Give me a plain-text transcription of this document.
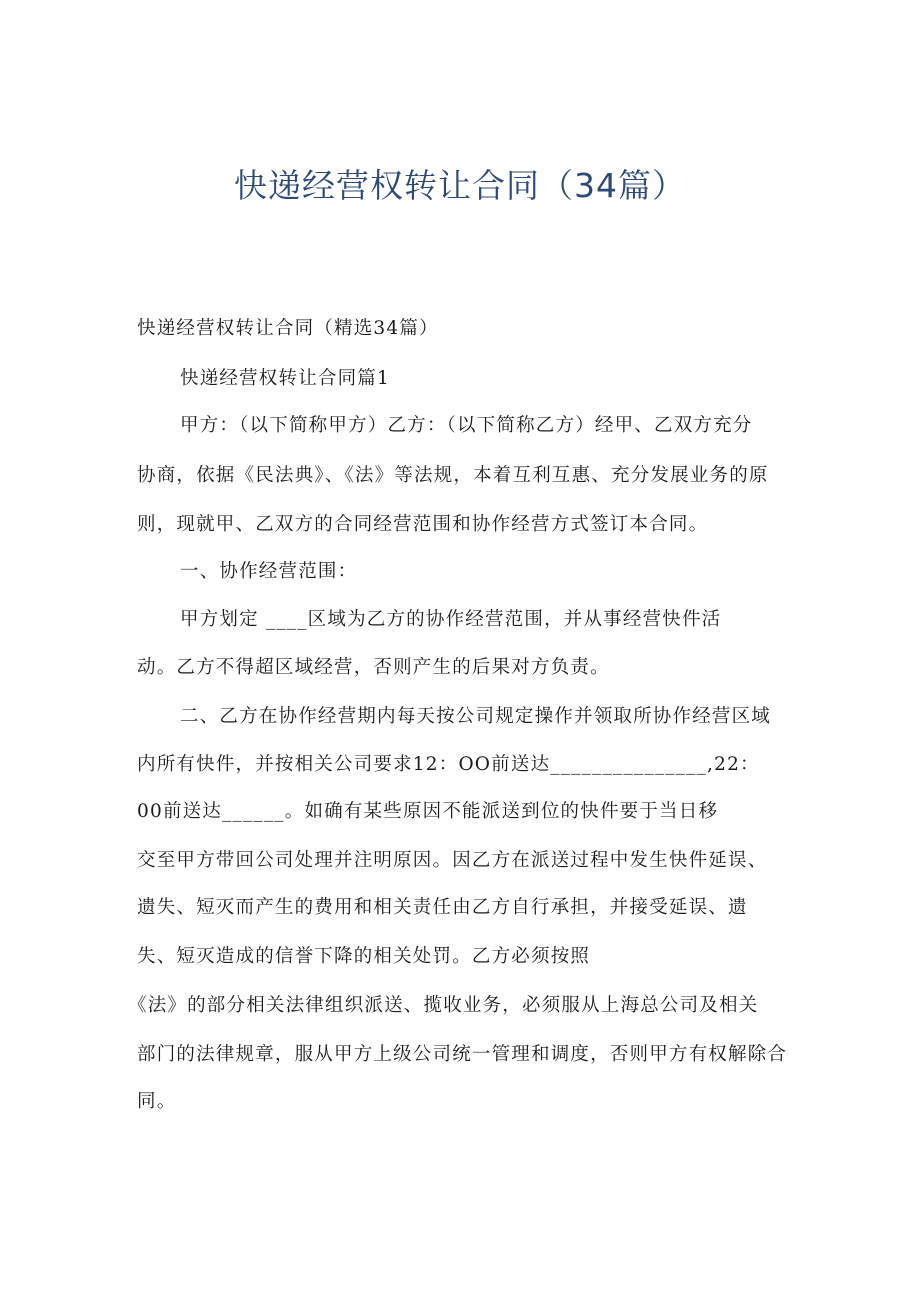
快递经营权转让合同（34篇）

快递经营权转让合同（精选34篇）

快递经营权转让合同篇1

甲方：（以下简称甲方）乙方：（以下简称乙方）经甲、乙双方充分

协商，依据《民法典》、《法》等法规，本着互利互惠、充分发展业务的原

则，现就甲、乙双方的合同经营范围和协作经营方式签订本合同。

一、协作经营范围：

甲方划定 ____区域为乙方的协作经营范围，并从事经营快件活

动。乙方不得超区域经营，否则产生的后果对方负责。

二、乙方在协作经营期内每天按公司规定操作并领取所协作经营区域

内所有快件，并按相关公司要求12：OO前送达_______________,22：

00前送达______。如确有某些原因不能派送到位的快件要于当日移

交至甲方带回公司处理并注明原因。因乙方在派送过程中发生快件延误、

遗失、短灭而产生的费用和相关责任由乙方自行承担，并接受延误、遗

失、短灭造成的信誉下降的相关处罚。乙方必须按照

《法》的部分相关法律组织派送、揽收业务，必须服从上海总公司及相关

部门的法律规章，服从甲方上级公司统一管理和调度，否则甲方有权解除合

同。
